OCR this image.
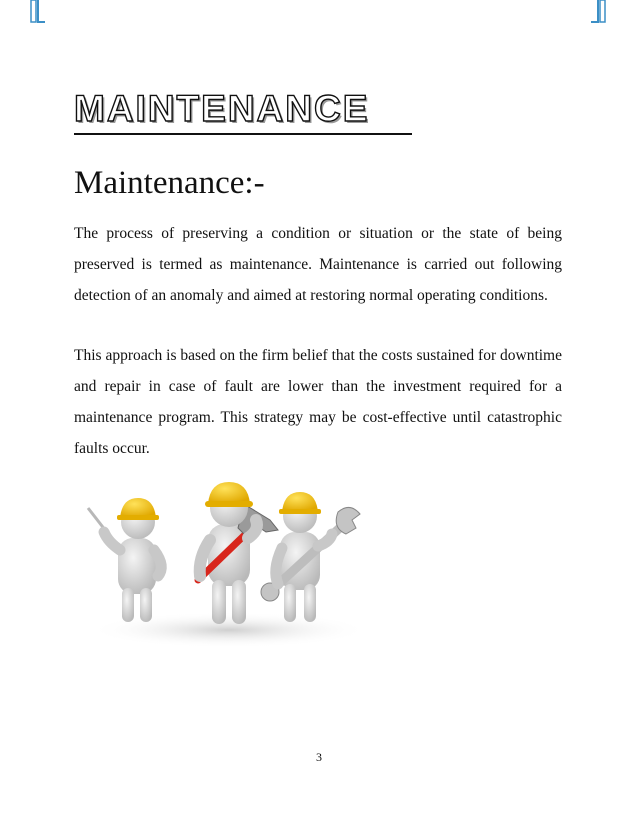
MAINTENANCE
Maintenance:-

The process of preserving a condition or situation or the state of being preserved is termed as maintenance. Maintenance is carried out following detection of an anomaly and aimed at restoring normal operating conditions.

This approach is based on the firm belief that the costs sustained for downtime and repair in case of fault are lower than the investment required for a maintenance program. This strategy may be cost-effective until catastrophic faults occur.

3
